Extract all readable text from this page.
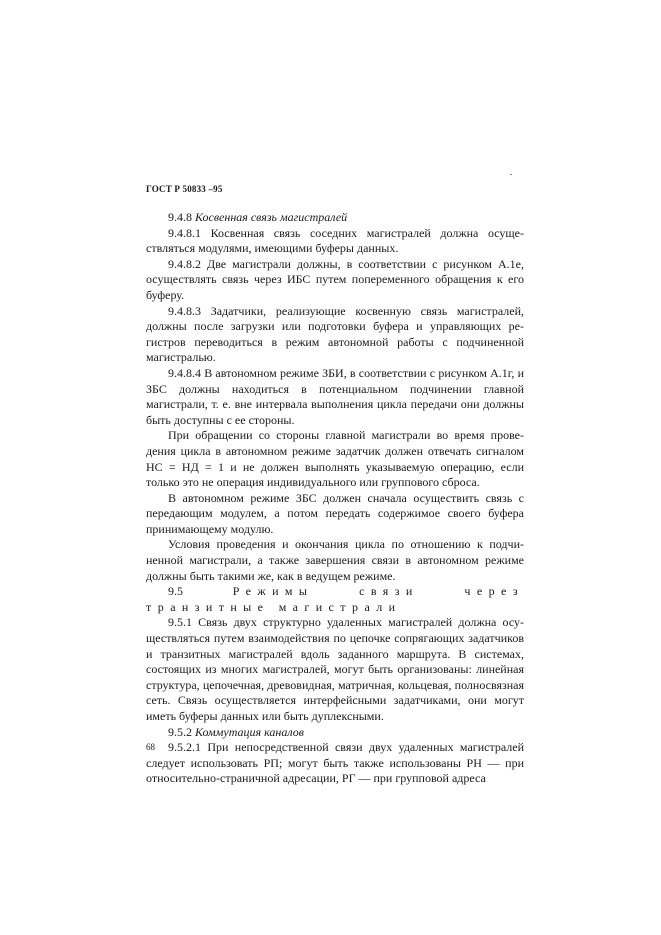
ГОСТ Р 50833 –95

9.4.8 Косвенная связь магистралей

9.4.8.1 Косвенная связь соседних магистралей должна осуществляться модулями, имеющими буферы данных.

9.4.8.2 Две магистрали должны, в соответствии с рисунком А.1е, осуществлять связь через ИБС путем попеременного обращения к его буферу.

9.4.8.3 Задатчики, реализующие косвенную связь магистралей, должны после загрузки или подготовки буфера и управляющих регистров переводиться в режим автономной работы с подчиненной магистралью.

9.4.8.4 В автономном режиме ЗБИ, в соответствии с рисунком А.1г, и ЗБС должны находиться в потенциальном подчинении главной магистрали, т. е. вне интервала выполнения цикла передачи они должны быть доступны с ее стороны.

При обращении со стороны главной магистрали во время проведения цикла в автономном режиме задатчик должен отвечать сигналом НС = НД = 1 и не должен выполнять указываемую операцию, если только это не операция индивидуального или группового сброса.

В автономном режиме ЗБС должен сначала осуществить связь с передающим модулем, а потом передать содержимое своего буфера принимающему модулю.

Условия проведения и окончания цикла по отношению к подчиненной магистрали, а также завершения связи в автономном режиме должны быть такими же, как в ведущем режиме.

9.5	Режимы связи через транзитные магистрали

9.5.1 Связь двух структурно удаленных магистралей должна осуществляться путем взаимодействия по цепочке сопрягающих задатчиков и транзитных магистралей вдоль заданного маршрута. В системах, состоящих из многих магистралей, могут быть организованы: линейная структура, цепочечная, древовидная, матричная, кольцевая, полносвязная сеть. Связь осуществляется интерфейсными задатчиками, они могут иметь буферы данных или быть дуплексными.

9.5.2 Коммутация каналов

9.5.2.1 При непосредственной связи двух удаленных магистралей следует использовать РП; могут быть также использованы РН — при относительно-страничной адресации, РГ — при групповой адреса

68
